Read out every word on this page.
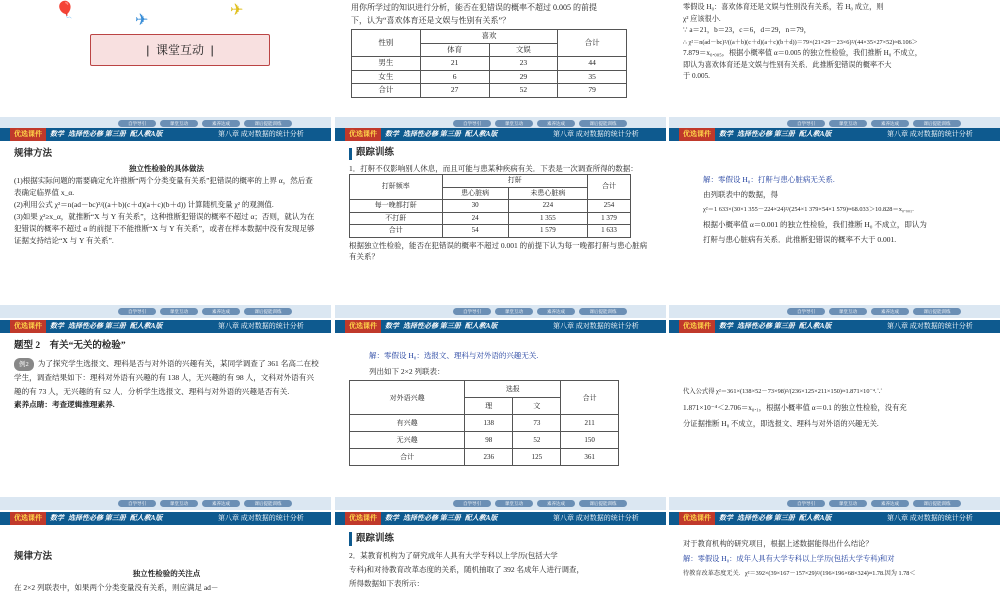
🎈
✈
✈
|  课堂互动  |
自学导引	课堂互动	素养达成	课后提能训练
用你所学过的知识进行分析，能否在犯错误的概率不超过 0.005 的前提
下，认为“喜欢体育还是文娱与性别有关系”？
性别	喜欢		合计
	体育	文娱	
男生	21	23	44
女生	6	29	35
合计	27	52	79
自学导引	课堂互动	素养达成	课后提能训练
零假设 H₀：喜欢体育还是文娱与性别没有关系，若 H₀ 成立，则
χ² 应该很小.
∵ a＝21，b＝23，c＝6，d＝29，n＝79，
∴ χ²＝n(ad－bc)²/((a＋b)(c＋d)(a＋c)(b＋d))＝79×(21×29－23×6)²/(44×35×27×52)≈8.106＞
7.879＝x₀.₀₀₅，根据小概率值 α＝0.005 的独立性检验，我们推断 H₀ 不成立，
即认为喜欢体育还是文娱与性别有关系．此推断犯错误的概率不大
于 0.005.
自学导引	课堂互动	素养达成	课后提能训练
优选课件 数学 选择性必修 第三册 配人教A版	第八章 成对数据的统计分析
规律方法
独立性检验的具体做法
(1)根据实际问题的需要确定允许推断“两个分类变量有关系”犯错误的概率的上界 α，然后查表确定临界值 x_α.
(2)利用公式 χ²＝n(ad－bc)²/((a＋b)(c＋d)(a＋c)(b＋d)) 计算随机变量 χ² 的观测值.
(3)如果 χ²≥x_α，就推断“X 与 Y 有关系”，这种推断犯错误的概率不超过 α；否则，就认为在犯错误的概率不超过 α 的前提下不能推断“X 与 Y 有关系”，或者在样本数据中没有发现足够证据支持结论“X 与 Y 有关系”.
自学导引	课堂互动	素养达成	课后提能训练
优选课件 数学 选择性必修 第三册 配人教A版	第八章 成对数据的统计分析
跟踪训练
1．打鼾不仅影响别人休息，而且可能与患某种疾病有关．下表是一次调查所得的数据：
打鼾频率	打鼾		合计
	患心脏病	未患心脏病	
每一晚都打鼾	30	224	254
不打鼾	24	1 355	1 379
合计	54	1 579	1 633
根据独立性检验，能否在犯错误的概率不超过 0.001 的前提下认为每一晚都打鼾与患心脏病有关系？
自学导引	课堂互动	素养达成	课后提能训练
优选课件 数学 选择性必修 第三册 配人教A版	第八章 成对数据的统计分析
解：零假设 H₀：打鼾与患心脏病无关系.
由列联表中的数据，得
χ²＝1 633×(30×1 355－224×24)²/(254×1 379×54×1 579)≈68.033＞10.828＝x₀.₀₀₁.
根据小概率值 α＝0.001 的独立性检验，我们推断 H₀ 不成立，即认为
打鼾与患心脏病有关系．此推断犯错误的概率不大于 0.001.
自学导引	课堂互动	素养达成	课后提能训练
优选课件 数学 选择性必修 第三册 配人教A版	第八章 成对数据的统计分析
题型 2　有关“无关的检验”
例2 为了探究学生选报文、理科是否与对外语的兴趣有关，某同学调查了 361 名高二在校学生，调查结果如下：理科对外语有兴趣的有 138 人，无兴趣的有 98 人，文科对外语有兴趣的有 73 人，无兴趣的有 52 人．分析学生选报文、理科与对外语的兴趣是否有关.
素养点睛：考查逻辑推理素养.
自学导引	课堂互动	素养达成	课后提能训练
优选课件 数学 选择性必修 第三册 配人教A版	第八章 成对数据的统计分析
解：零假设 H₀：选报文、理科与对外语的兴趣无关.
列出如下 2×2 列联表：
对外语兴趣	选报		合计
	理	文	
有兴趣	138	73	211
无兴趣	98	52	150
合计	236	125	361
自学导引	课堂互动	素养达成	课后提能训练
优选课件 数学 选择性必修 第三册 配人教A版	第八章 成对数据的统计分析
代入公式得 χ²＝361×(138×52－73×98)²/(236×125×211×150)≈1.871×10⁻⁴.∵
1.871×10⁻⁴＜2.706＝x₀.₁，根据小概率值 α＝0.1 的独立性检验，没有充
分证据推断 H₀ 不成立，即选报文、理科与对外语的兴趣无关.
自学导引	课堂互动	素养达成	课后提能训练
优选课件 数学 选择性必修 第三册 配人教A版	第八章 成对数据的统计分析
规律方法
独立性检验的关注点
在 2×2 列联表中，如果两个分类变量没有关系，则应满足 ad－
优选课件 数学 选择性必修 第三册 配人教A版	第八章 成对数据的统计分析
跟踪训练
2．某教育机构为了研究成年人具有大学专科以上学历(包括大学
专科)和对待教育改革态度的关系，随机抽取了 392 名成年人进行调查，
所得数据如下表所示：
优选课件 数学 选择性必修 第三册 配人教A版	第八章 成对数据的统计分析
对于教育机构的研究项目，根据上述数据能得出什么结论？
解：零假设 H₀：成年人具有大学专科以上学历(包括大学专科)和对
待教育改革态度无关．χ²＝392×(39×167－157×29)²/(196×196×68×324)≈1.78.因为 1.78＜
